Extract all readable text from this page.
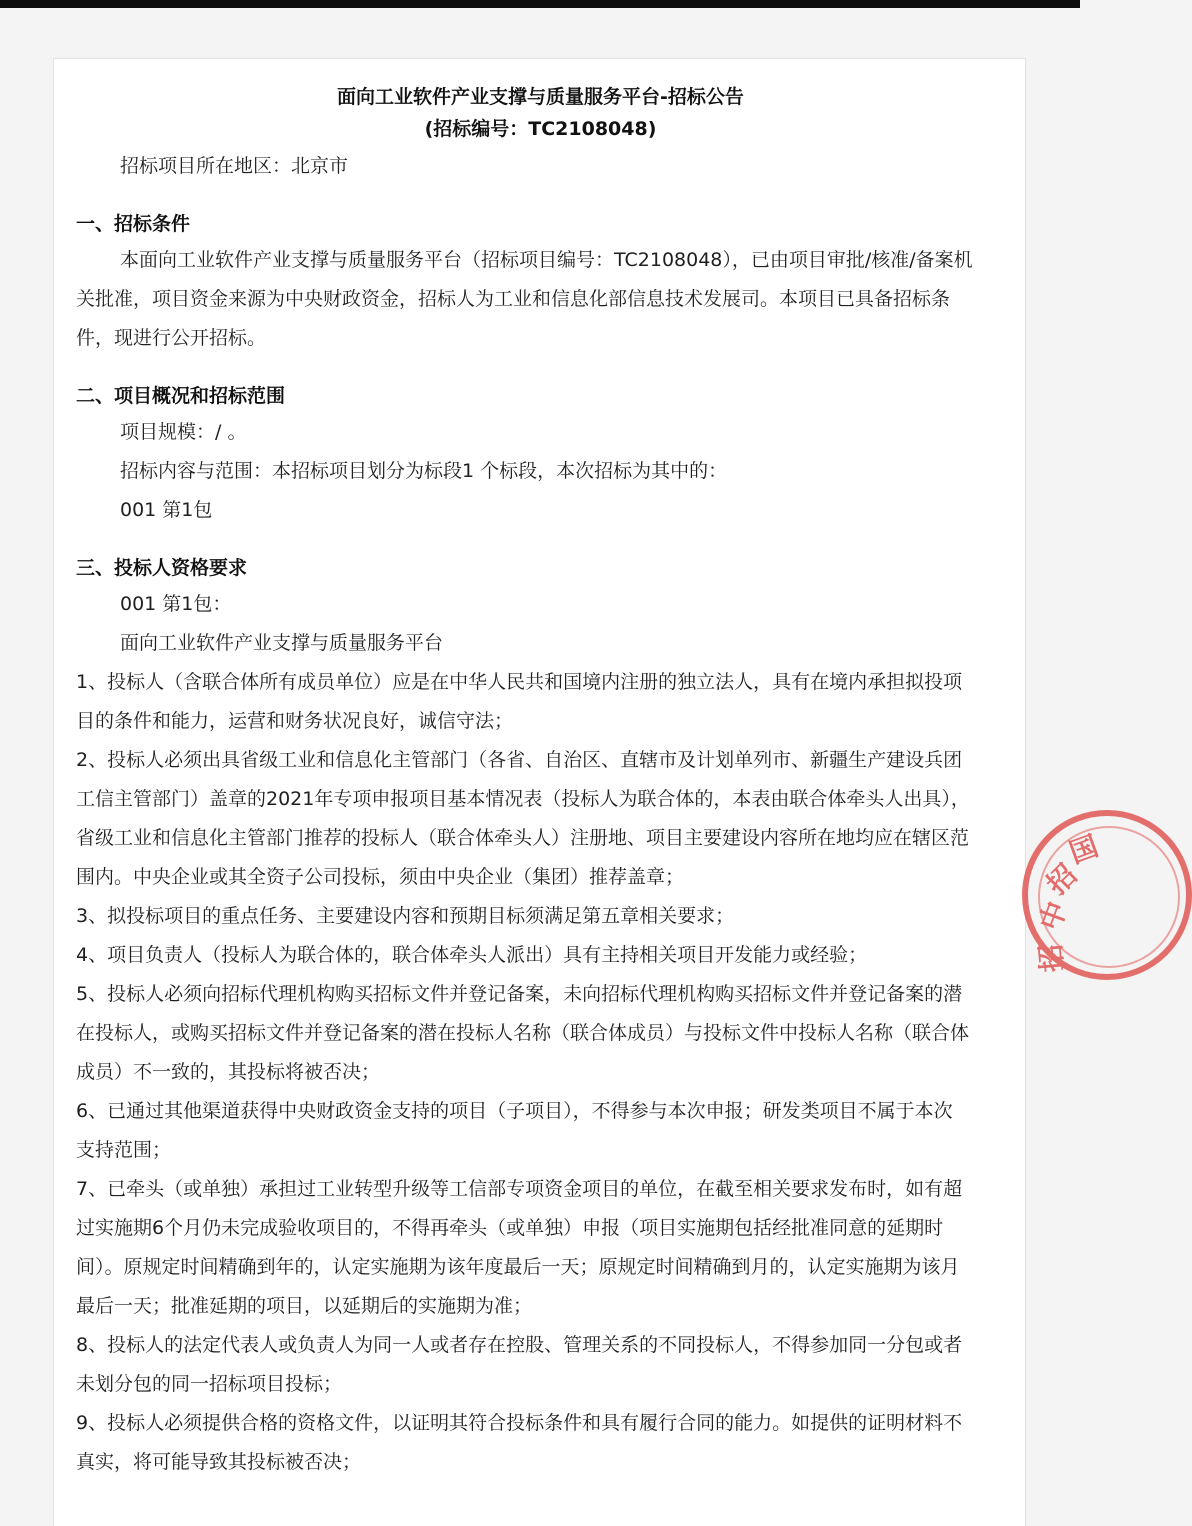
面向工业软件产业支撑与质量服务平台-招标公告
(招标编号：TC2108048)
招标项目所在地区：北京市
一、招标条件
本面向工业软件产业支撑与质量服务平台（招标项目编号：TC2108048），已由项目审批/核准/备案机
关批准，项目资金来源为中央财政资金，招标人为工业和信息化部信息技术发展司。本项目已具备招标条
件，现进行公开招标。
二、项目概况和招标范围
项目规模：/ 。
招标内容与范围：本招标项目划分为标段1 个标段，本次招标为其中的：
001 第1包
三、投标人资格要求
001 第1包：
面向工业软件产业支撑与质量服务平台
1、投标人（含联合体所有成员单位）应是在中华人民共和国境内注册的独立法人，具有在境内承担拟投项
目的条件和能力，运营和财务状况良好，诚信守法；
2、投标人必须出具省级工业和信息化主管部门（各省、自治区、直辖市及计划单列市、新疆生产建设兵团
工信主管部门）盖章的2021年专项申报项目基本情况表（投标人为联合体的，本表由联合体牵头人出具），
省级工业和信息化主管部门推荐的投标人（联合体牵头人）注册地、项目主要建设内容所在地均应在辖区范
围内。中央企业或其全资子公司投标，须由中央企业（集团）推荐盖章；
3、拟投标项目的重点任务、主要建设内容和预期目标须满足第五章相关要求；
4、项目负责人（投标人为联合体的，联合体牵头人派出）具有主持相关项目开发能力或经验；
5、投标人必须向招标代理机构购买招标文件并登记备案，未向招标代理机构购买招标文件并登记备案的潜
在投标人，或购买招标文件并登记备案的潜在投标人名称（联合体成员）与投标文件中投标人名称（联合体
成员）不一致的，其投标将被否决；
6、已通过其他渠道获得中央财政资金支持的项目（子项目），不得参与本次申报；研发类项目不属于本次
支持范围；
7、已牵头（或单独）承担过工业转型升级等工信部专项资金项目的单位，在截至相关要求发布时，如有超
过实施期6个月仍未完成验收项目的，不得再牵头（或单独）申报（项目实施期包括经批准同意的延期时
间）。原规定时间精确到年的，认定实施期为该年度最后一天；原规定时间精确到月的，认定实施期为该月
最后一天；批准延期的项目，以延期后的实施期为准；
8、投标人的法定代表人或负责人为同一人或者存在控股、管理关系的不同投标人，不得参加同一分包或者
未划分包的同一招标项目投标；
9、投标人必须提供合格的资格文件，以证明其符合投标条件和具有履行合同的能力。如提供的证明材料不
真实，将可能导致其投标被否决；
中
招
国
招
